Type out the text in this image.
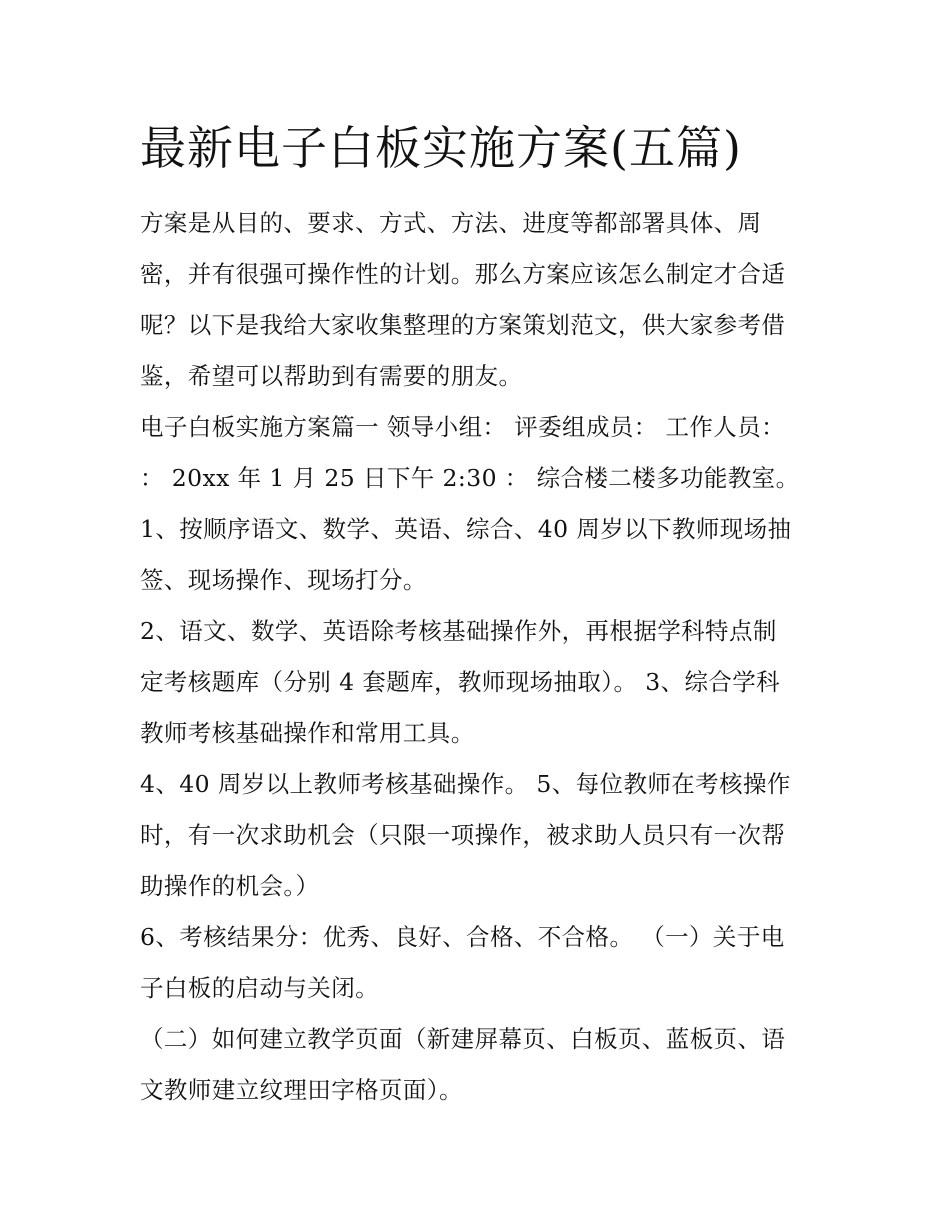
最新电子白板实施方案(五篇)

方案是从目的、要求、方式、方法、进度等都部署具体、周

密，并有很强可操作性的计划。那么方案应该怎么制定才合适

呢？以下是我给大家收集整理的方案策划范文，供大家参考借

鉴，希望可以帮助到有需要的朋友。

电子白板实施方案篇一 领导小组： 评委组成员： 工作人员：

： 20xx 年 1 月 25 日下午 2:30 ： 综合楼二楼多功能教室。

1、按顺序语文、数学、英语、综合、40 周岁以下教师现场抽

签、现场操作、现场打分。

2、语文、数学、英语除考核基础操作外，再根据学科特点制

定考核题库（分别 4 套题库，教师现场抽取）。 3、综合学科

教师考核基础操作和常用工具。

4、40 周岁以上教师考核基础操作。 5、每位教师在考核操作

时，有一次求助机会（只限一项操作，被求助人员只有一次帮

助操作的机会。）

6、考核结果分：优秀、良好、合格、不合格。 （一）关于电

子白板的启动与关闭。

（二）如何建立教学页面（新建屏幕页、白板页、蓝板页、语

文教师建立纹理田字格页面）。
